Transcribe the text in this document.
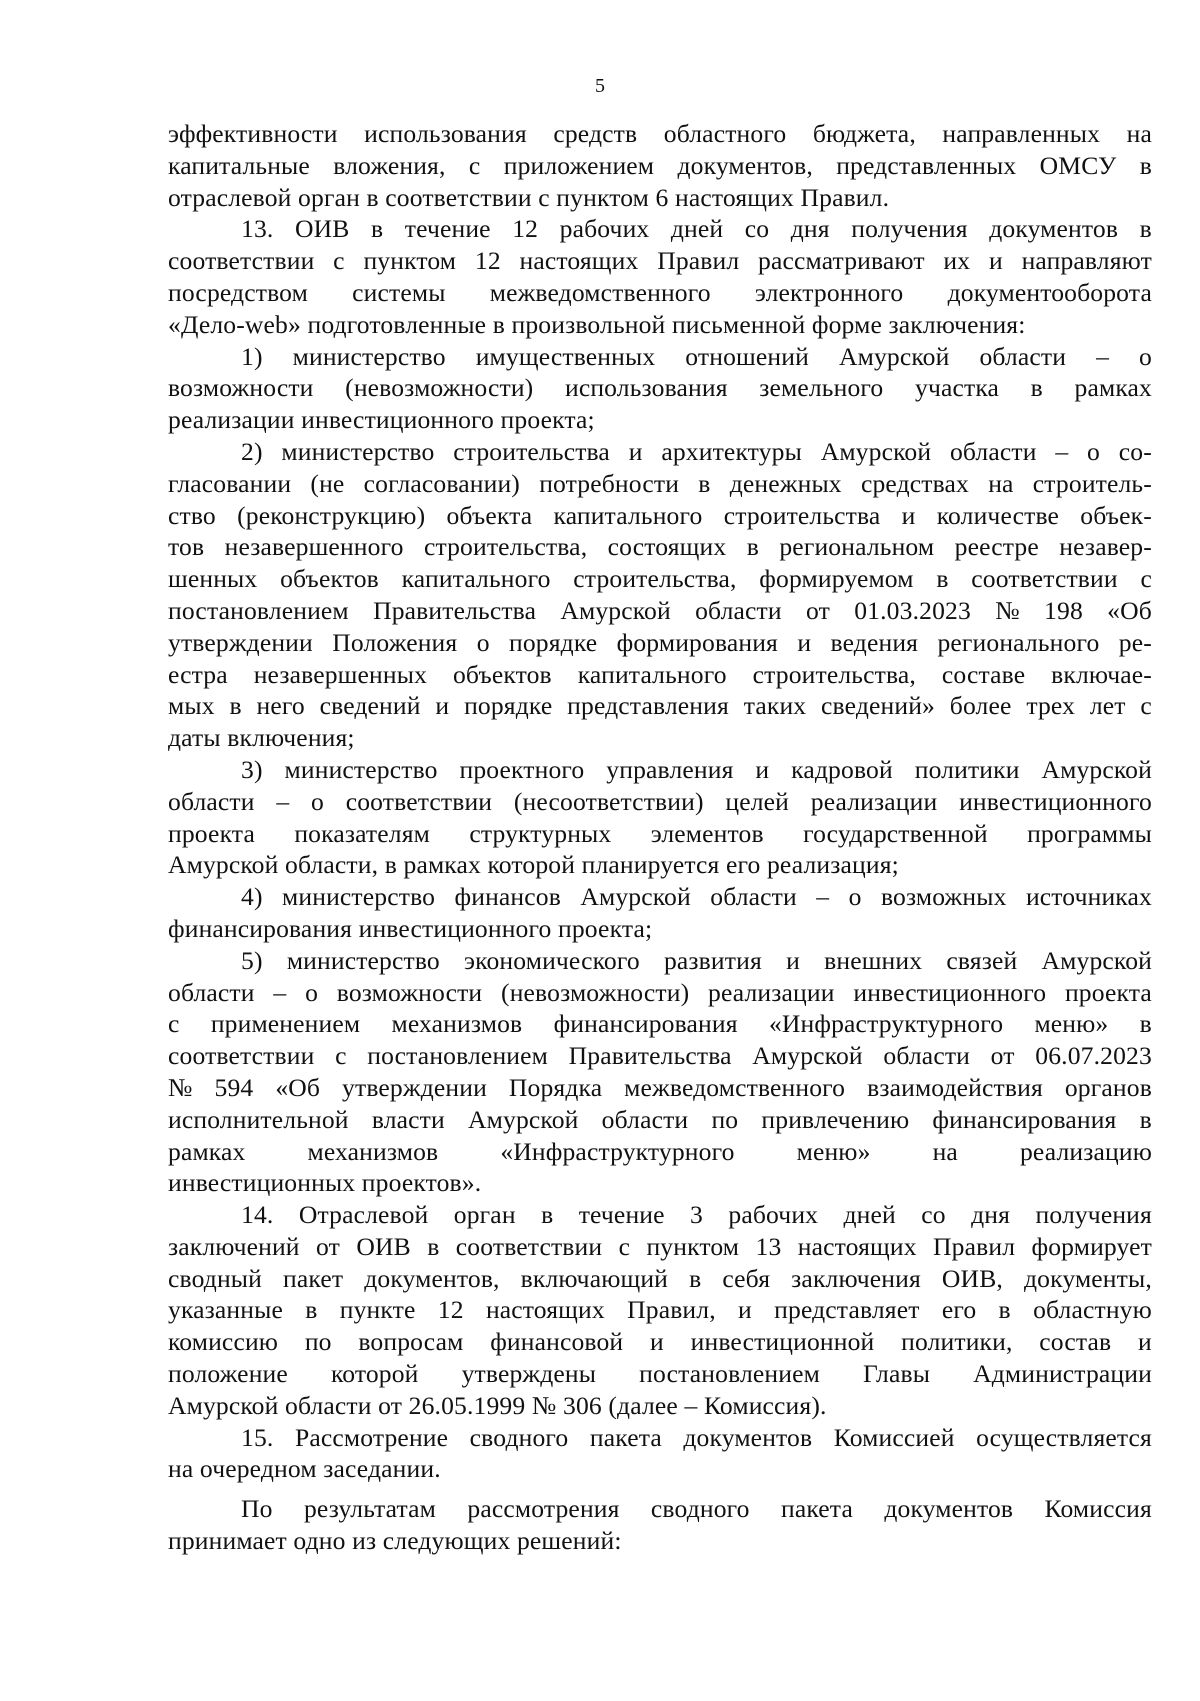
5
эффективности использования средств областного бюджета, направленных на
капитальные вложения, с приложением документов, представленных ОМСУ в
отраслевой орган в соответствии с пунктом 6 настоящих Правил.
13. ОИВ в течение 12 рабочих дней со дня получения документов в
соответствии с пунктом 12 настоящих Правил рассматривают их и направляют
посредством системы межведомственного электронного документооборота
«Дело-web» подготовленные в произвольной письменной форме заключения:
1) министерство имущественных отношений Амурской области – о
возможности (невозможности) использования земельного участка в рамках
реализации инвестиционного проекта;
2) министерство строительства и архитектуры Амурской области – о со-
гласовании (не согласовании) потребности в денежных средствах на строитель-
ство (реконструкцию) объекта капитального строительства и количестве объек-
тов незавершенного строительства, состоящих в региональном реестре незавер-
шенных объектов капитального строительства, формируемом в соответствии с
постановлением Правительства Амурской области от 01.03.2023 № 198 «Об
утверждении Положения о порядке формирования и ведения регионального ре-
естра незавершенных объектов капитального строительства, составе включае-
мых в него сведений и порядке представления таких сведений» более трех лет с
даты включения;
3) министерство проектного управления и кадровой политики Амурской
области – о соответствии (несоответствии) целей реализации инвестиционного
проекта показателям структурных элементов государственной программы
Амурской области, в рамках которой планируется его реализация;
4) министерство финансов Амурской области – о возможных источниках
финансирования инвестиционного проекта;
5) министерство экономического развития и внешних связей Амурской
области – о возможности (невозможности) реализации инвестиционного проекта
с применением механизмов финансирования «Инфраструктурного меню» в
соответствии с постановлением Правительства Амурской области от 06.07.2023
№ 594 «Об утверждении Порядка межведомственного взаимодействия органов
исполнительной власти Амурской области по привлечению финансирования в
рамках механизмов «Инфраструктурного меню» на реализацию
инвестиционных проектов».
14. Отраслевой орган в течение 3 рабочих дней со дня получения
заключений от ОИВ в соответствии с пунктом 13 настоящих Правил формирует
сводный пакет документов, включающий в себя заключения ОИВ, документы,
указанные в пункте 12 настоящих Правил, и представляет его в областную
комиссию по вопросам финансовой и инвестиционной политики, состав и
положение которой утверждены постановлением Главы Администрации
Амурской области от 26.05.1999 № 306 (далее – Комиссия).
15. Рассмотрение сводного пакета документов Комиссией осуществляется
на очередном заседании.
По результатам рассмотрения сводного пакета документов Комиссия
принимает одно из следующих решений:
